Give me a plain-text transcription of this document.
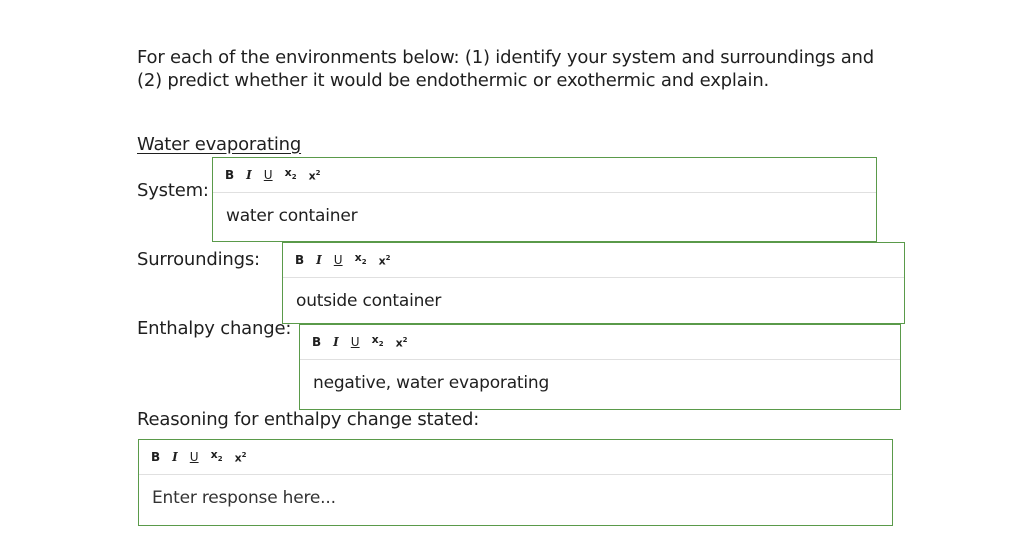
For each of the environments below: (1) identify your system and surroundings and (2) predict whether it would be endothermic or exothermic and explain.
Water evaporating
System:
B I U $x_2$ $x^2$
water container
Surroundings:	B I U $x_2$ $x^2$
outside container
Enthalpy change:
B I U $x_2$ $x^2$
negative, water evaporating
Reasoning for enthalpy change stated:
B I U $x_2$ $x^2$
Enter response here...
